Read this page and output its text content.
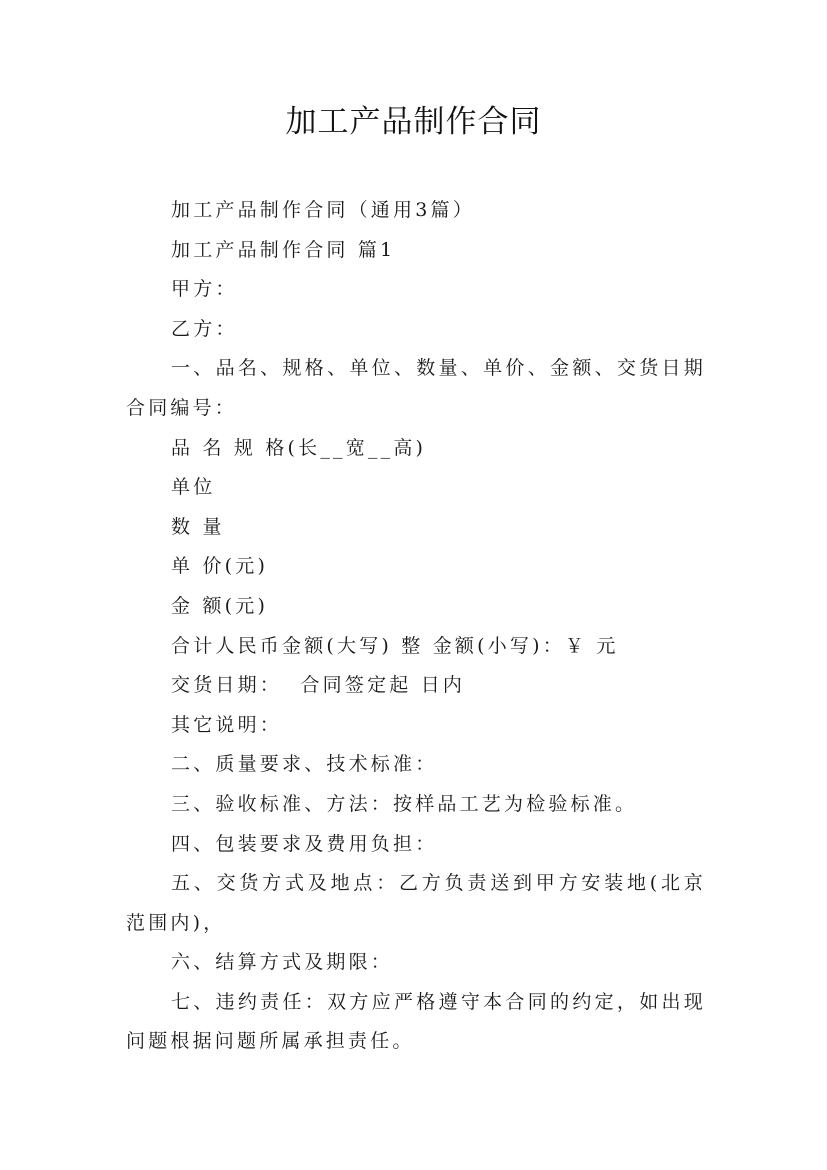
加工产品制作合同

加工产品制作合同（通用3篇）

加工产品制作合同 篇1

甲方：

乙方：

一、品名、规格、单位、数量、单价、金额、交货日期合同编号：

品 名 规 格(长__宽__高)

单位

数 量

单 价(元)

金 额(元)

合计人民币金额(大写) 整 金额(小写)：￥ 元

交货日期：  合同签定起 日内

其它说明：

二、质量要求、技术标准：

三、验收标准、方法：按样品工艺为检验标准。

四、包装要求及费用负担：

五、交货方式及地点：乙方负责送到甲方安装地(北京范围内)，

六、结算方式及期限：

七、违约责任：双方应严格遵守本合同的约定，如出现问题根据问题所属承担责任。
